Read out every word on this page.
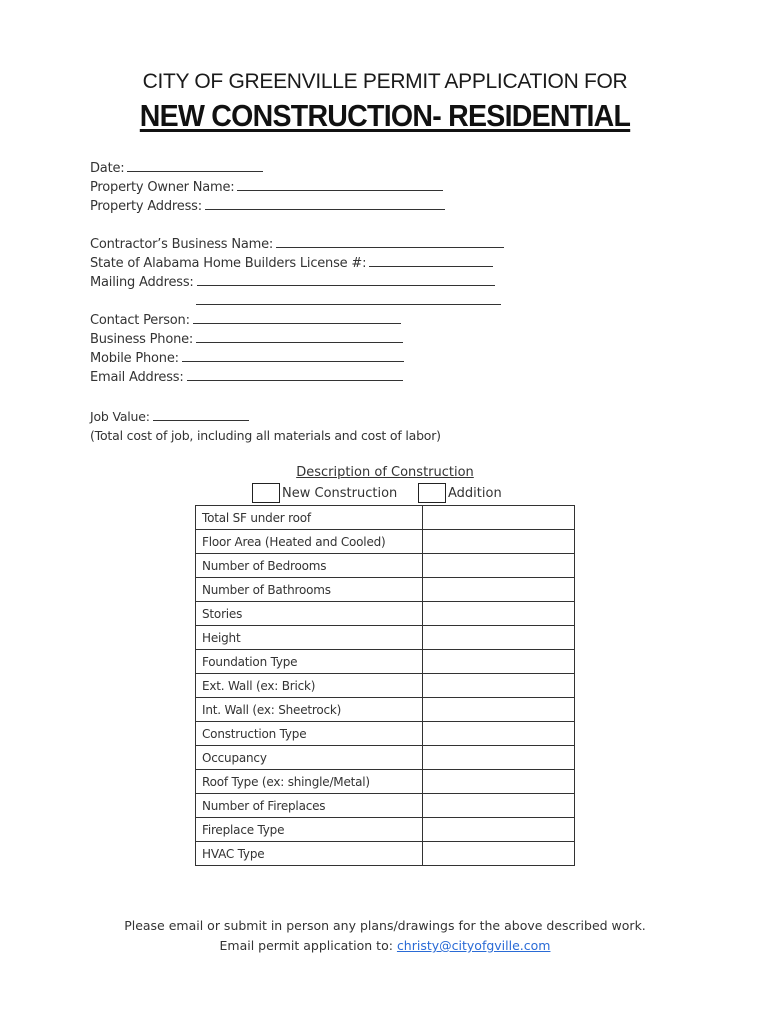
CITY OF GREENVILLE PERMIT APPLICATION FOR
NEW CONSTRUCTION- RESIDENTIAL
Date:
Property Owner Name:
Property Address:
Contractor’s Business Name:
State of Alabama Home Builders License #:
Mailing Address:
Contact Person:
Business Phone:
Mobile Phone:
Email Address:
Job Value:
(Total cost of job, including all materials and cost of labor)
Description of Construction
New Construction	Addition
Total SF under roof	
Floor Area (Heated and Cooled)	
Number of Bedrooms	
Number of Bathrooms	
Stories	
Height	
Foundation Type	
Ext. Wall (ex: Brick)	
Int. Wall (ex: Sheetrock)	
Construction Type	
Occupancy	
Roof Type (ex: shingle/Metal)	
Number of Fireplaces	
Fireplace Type	
HVAC Type	
Please email or submit in person any plans/drawings for the above described work.
Email permit application to: christy@cityofgville.com
